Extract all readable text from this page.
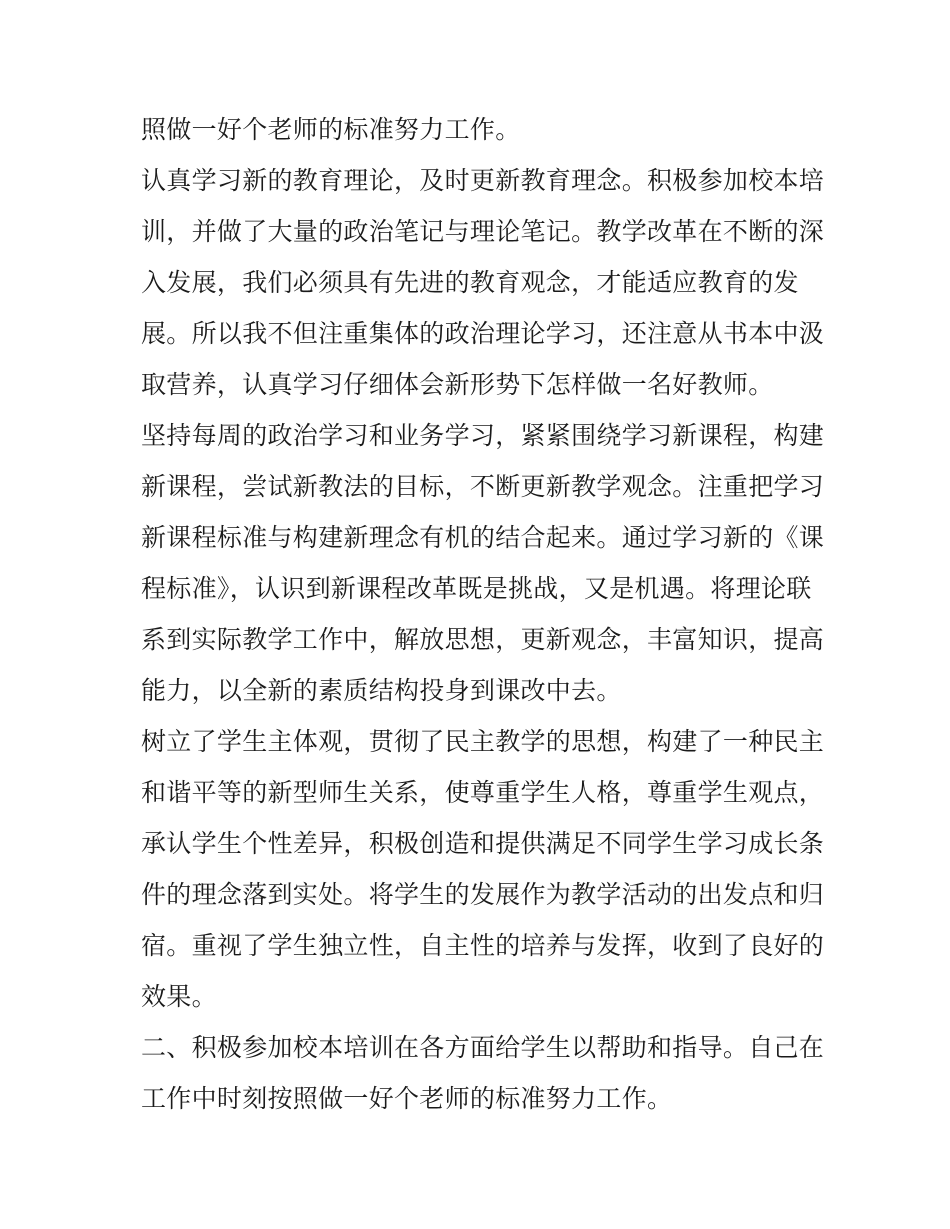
照做一好个老师的标准努力工作。
认真学习新的教育理论，及时更新教育理念。积极参加校本培
训，并做了大量的政治笔记与理论笔记。教学改革在不断的深
入发展，我们必须具有先进的教育观念，才能适应教育的发
展。所以我不但注重集体的政治理论学习，还注意从书本中汲
取营养，认真学习仔细体会新形势下怎样做一名好教师。
坚持每周的政治学习和业务学习，紧紧围绕学习新课程，构建
新课程，尝试新教法的目标，不断更新教学观念。注重把学习
新课程标准与构建新理念有机的结合起来。通过学习新的《课
程标准》，认识到新课程改革既是挑战，又是机遇。将理论联
系到实际教学工作中，解放思想，更新观念，丰富知识，提高
能力，以全新的素质结构投身到课改中去。
树立了学生主体观，贯彻了民主教学的思想，构建了一种民主
和谐平等的新型师生关系，使尊重学生人格，尊重学生观点，
承认学生个性差异，积极创造和提供满足不同学生学习成长条
件的理念落到实处。将学生的发展作为教学活动的出发点和归
宿。重视了学生独立性，自主性的培养与发挥，收到了良好的
效果。
二、积极参加校本培训在各方面给学生以帮助和指导。自己在
工作中时刻按照做一好个老师的标准努力工作。
